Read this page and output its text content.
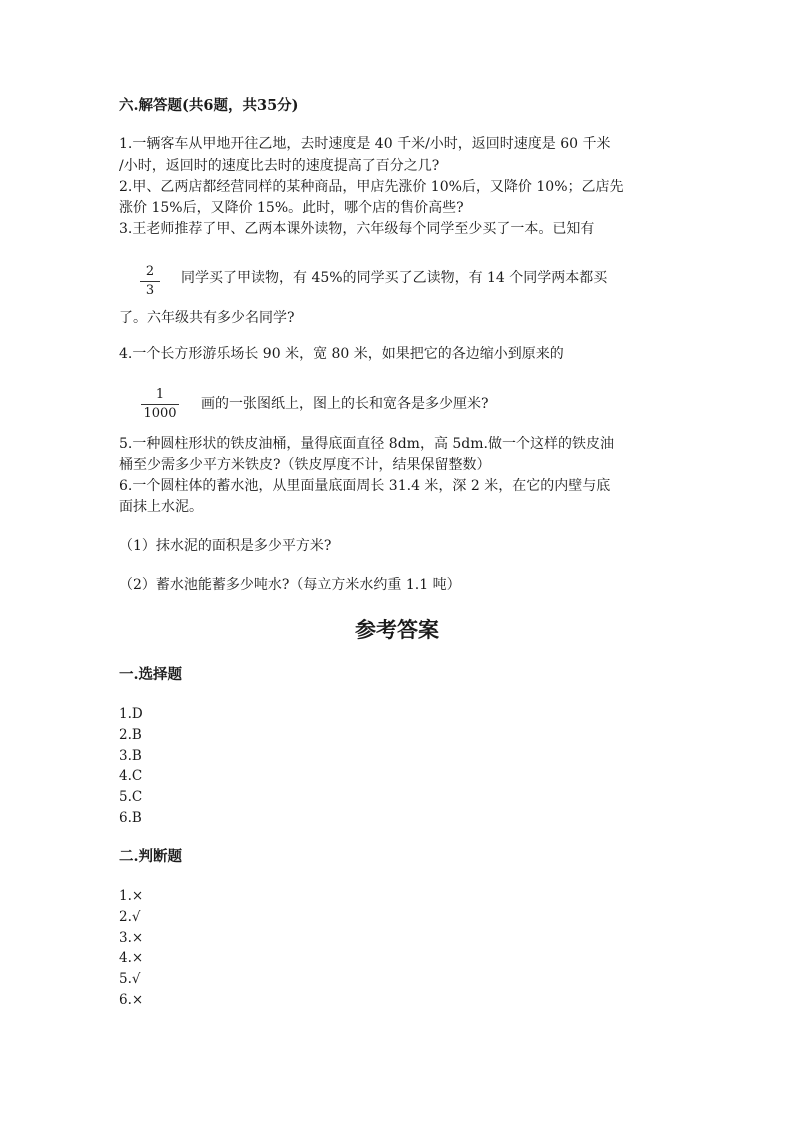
六.解答题(共6题，共35分)
1.一辆客车从甲地开往乙地，去时速度是 40 千米/小时，返回时速度是 60 千米
/小时，返回时的速度比去时的速度提高了百分之几?
2.甲、乙两店都经营同样的某种商品，甲店先涨价 10%后，又降价 10%；乙店先
涨价 15%后，又降价 15%。此时，哪个店的售价高些?
3.王老师推荐了甲、乙两本课外读物，六年级每个同学至少买了一本。已知有
2
3
同学买了甲读物，有 45%的同学买了乙读物，有 14 个同学两本都买
了。六年级共有多少名同学?
4.一个长方形游乐场长 90 米，宽 80 米，如果把它的各边缩小到原来的
1
1000
画的一张图纸上，图上的长和宽各是多少厘米?
5.一种圆柱形状的铁皮油桶，量得底面直径 8dm，高 5dm.做一个这样的铁皮油
桶至少需多少平方米铁皮?（铁皮厚度不计，结果保留整数）
6.一个圆柱体的蓄水池，从里面量底面周长 31.4 米，深 2 米，在它的内壁与底
面抹上水泥。
（1）抹水泥的面积是多少平方米?
（2）蓄水池能蓄多少吨水?（每立方米水约重 1.1 吨）
参考答案
一.选择题
1.D
2.B
3.B
4.C
5.C
6.B
二.判断题
1.×
2.√
3.×
4.×
5.√
6.×
